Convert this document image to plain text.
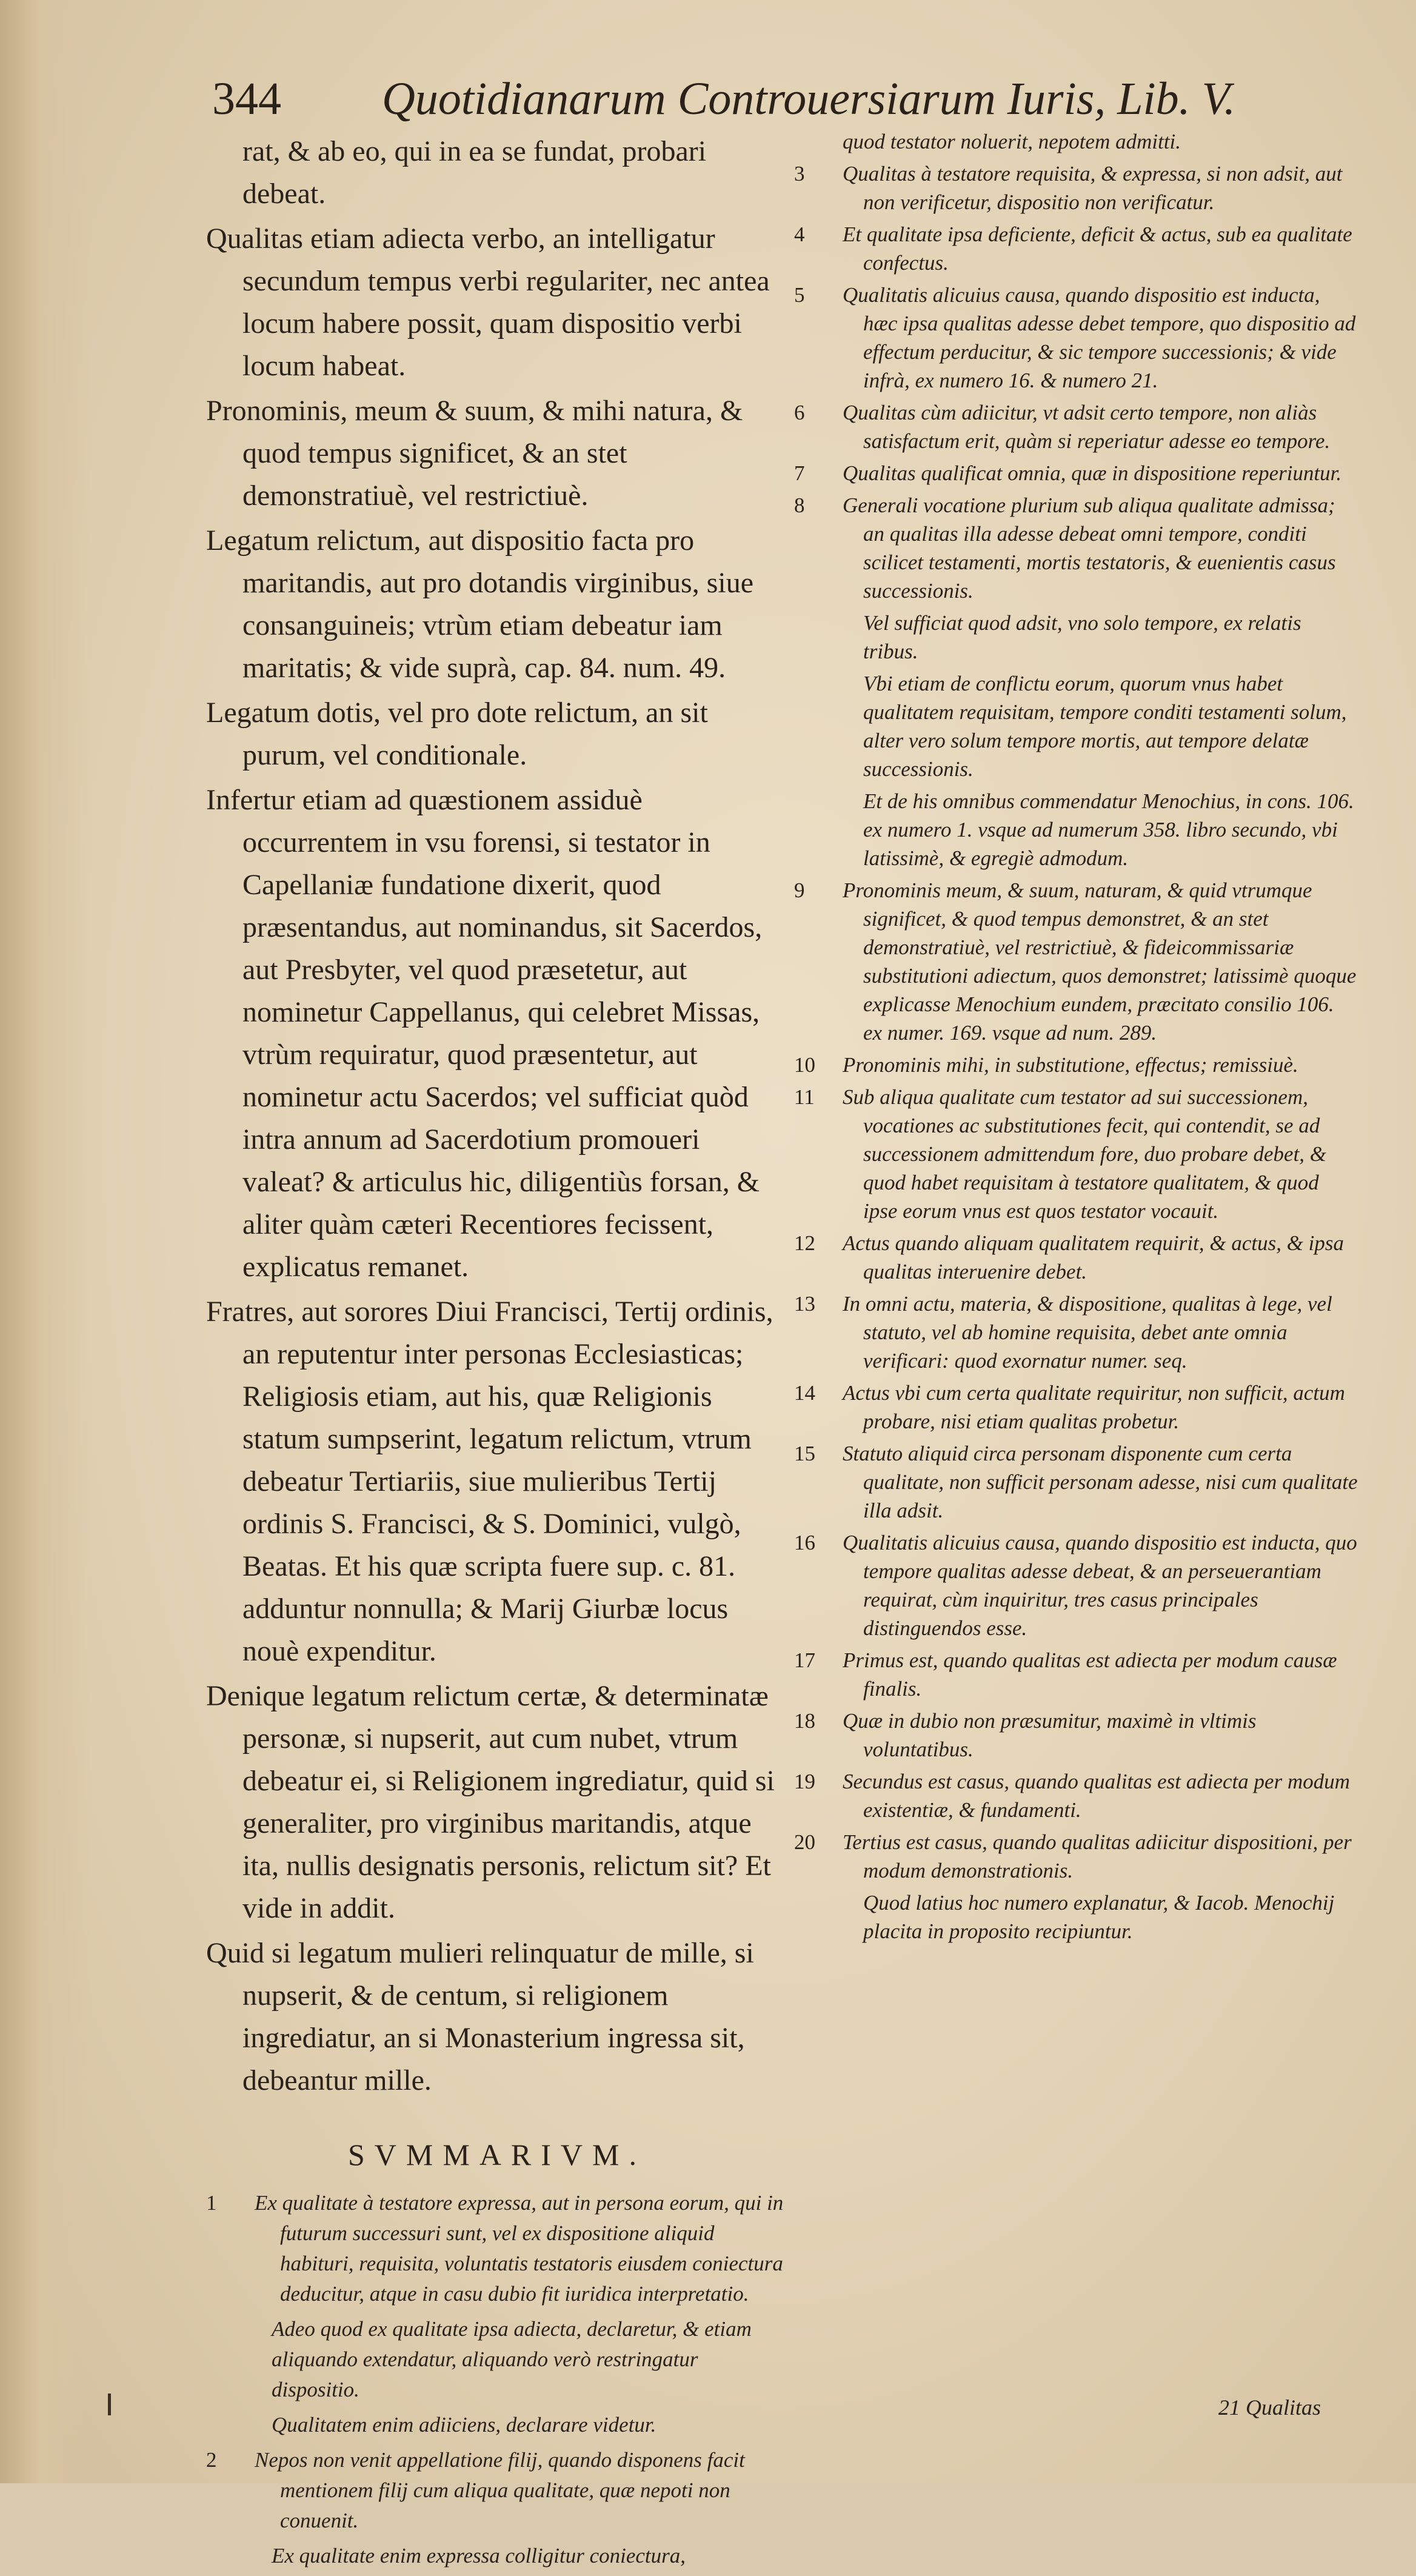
344 Quotidianarum Controuersiarum Iuris, Lib. V.

rat, & ab eo, qui in ea se fundat, probari debeat.

Qualitas etiam adiecta verbo, an intelligatur secundum tempus verbi regulariter, nec antea locum habere possit, quam dispositio verbi locum habeat.

Pronominis, meum & suum, & mihi natura, & quod tempus significet, & an stet demonstratiuè, vel restrictiuè.

Legatum relictum, aut dispositio facta pro maritandis, aut pro dotandis virginibus, siue consanguineis; vtrùm etiam debeatur iam maritatis; & vide suprà, cap. 84. num. 49.

Legatum dotis, vel pro dote relictum, an sit purum, vel conditionale.

Infertur etiam ad quæstionem assiduè occurrentem in vsu forensi, si testator in Capellaniæ fundatione dixerit, quod præsentandus, aut nominandus, sit Sacerdos, aut Presbyter, vel quod præsetetur, aut nominetur Cappellanus, qui celebret Missas, vtrùm requiratur, quod præsentetur, aut nominetur actu Sacerdos; vel sufficiat quòd intra annum ad Sacerdotium promoueri valeat? & articulus hic, diligentiùs forsan, & aliter quàm cæteri Recentiores fecissent, explicatus remanet.

Fratres, aut sorores Diui Francisci, Tertij ordinis, an reputentur inter personas Ecclesiasticas; Religiosis etiam, aut his, quæ Religionis statum sumpserint, legatum relictum, vtrum debeatur Tertiariis, siue mulieribus Tertij ordinis S. Francisci, & S. Dominici, vulgò, Beatas. Et his quæ scripta fuere sup. c. 81. adduntur nonnulla; & Marij Giurbæ locus nouè expenditur.

Denique legatum relictum certæ, & determinatæ personæ, si nupserit, aut cum nubet, vtrum debeatur ei, si Religionem ingrediatur, quid si generaliter, pro virginibus maritandis, atque ita, nullis designatis personis, relictum sit? Et vide in addit.

Quid si legatum mulieri relinquatur de mille, si nupserit, & de centum, si religionem ingrediatur, an si Monasterium ingressa sit, debeantur mille.

SVMMARIVM.
1	Ex qualitate à testatore expressa, aut in persona eorum, qui in futurum successuri sunt, vel ex dispositione aliquid habituri, requisita, voluntatis testatoris eiusdem coniectura deducitur, atque in casu dubio fit iuridica interpretatio.
Adeo quod ex qualitate ipsa adiecta, declaretur, & etiam aliquando extendatur, aliquando verò restringatur dispositio.
Qualitatem enim adiiciens, declarare videtur.
2	Nepos non venit appellatione filij, quando disponens facit mentionem filij cum aliqua qualitate, quæ nepoti non conuenit.
Ex qualitate enim expressa colligitur coniectura,
quod testator noluerit, nepotem admitti.
3	Qualitas à testatore requisita, & expressa, si non adsit, aut non verificetur, dispositio non verificatur.
4	Et qualitate ipsa deficiente, deficit & actus, sub ea qualitate confectus.
5	Qualitatis alicuius causa, quando dispositio est inducta, hæc ipsa qualitas adesse debet tempore, quo dispositio ad effectum perducitur, & sic tempore successionis; & vide infrà, ex numero 16. & numero 21.
6	Qualitas cùm adiicitur, vt adsit certo tempore, non aliàs satisfactum erit, quàm si reperiatur adesse eo tempore.
7	Qualitas qualificat omnia, quæ in dispositione reperiuntur.
8	Generali vocatione plurium sub aliqua qualitate admissa; an qualitas illa adesse debeat omni tempore, conditi scilicet testamenti, mortis testatoris, & euenientis casus successionis.
Vel sufficiat quod adsit, vno solo tempore, ex relatis tribus.
Vbi etiam de conflictu eorum, quorum vnus habet qualitatem requisitam, tempore conditi testamenti solum, alter vero solum tempore mortis, aut tempore delatæ successionis.
Et de his omnibus commendatur Menochius, in cons. 106. ex numero 1. vsque ad numerum 358. libro secundo, vbi latissimè, & egregiè admodum.
9	Pronominis meum, & suum, naturam, & quid vtrumque significet, & quod tempus demonstret, & an stet demonstratiuè, vel restrictiuè, & fideicommissariæ substitutioni adiectum, quos demonstret; latissimè quoque explicasse Menochium eundem, præcitato consilio 106. ex numer. 169. vsque ad num. 289.
10	Pronominis mihi, in substitutione, effectus; remissiuè.
11	Sub aliqua qualitate cum testator ad sui successionem, vocationes ac substitutiones fecit, qui contendit, se ad successionem admittendum fore, duo probare debet, & quod habet requisitam à testatore qualitatem, & quod ipse eorum vnus est quos testator vocauit.
12	Actus quando aliquam qualitatem requirit, & actus, & ipsa qualitas interuenire debet.
13	In omni actu, materia, & dispositione, qualitas à lege, vel statuto, vel ab homine requisita, debet ante omnia verificari: quod exornatur numer. seq.
14	Actus vbi cum certa qualitate requiritur, non sufficit, actum probare, nisi etiam qualitas probetur.
15	Statuto aliquid circa personam disponente cum certa qualitate, non sufficit personam adesse, nisi cum qualitate illa adsit.
16	Qualitatis alicuius causa, quando dispositio est inducta, quo tempore qualitas adesse debeat, & an perseuerantiam requirat, cùm inquiritur, tres casus principales distinguendos esse.
17	Primus est, quando qualitas est adiecta per modum causæ finalis.
18	Quæ in dubio non præsumitur, maximè in vltimis voluntatibus.
19	Secundus est casus, quando qualitas est adiecta per modum existentiæ, & fundamenti.
20	Tertius est casus, quando qualitas adiicitur dispositioni, per modum demonstrationis.
Quod latius hoc numero explanatur, & Iacob. Menochij placita in proposito recipiuntur.
21 Qualitas
